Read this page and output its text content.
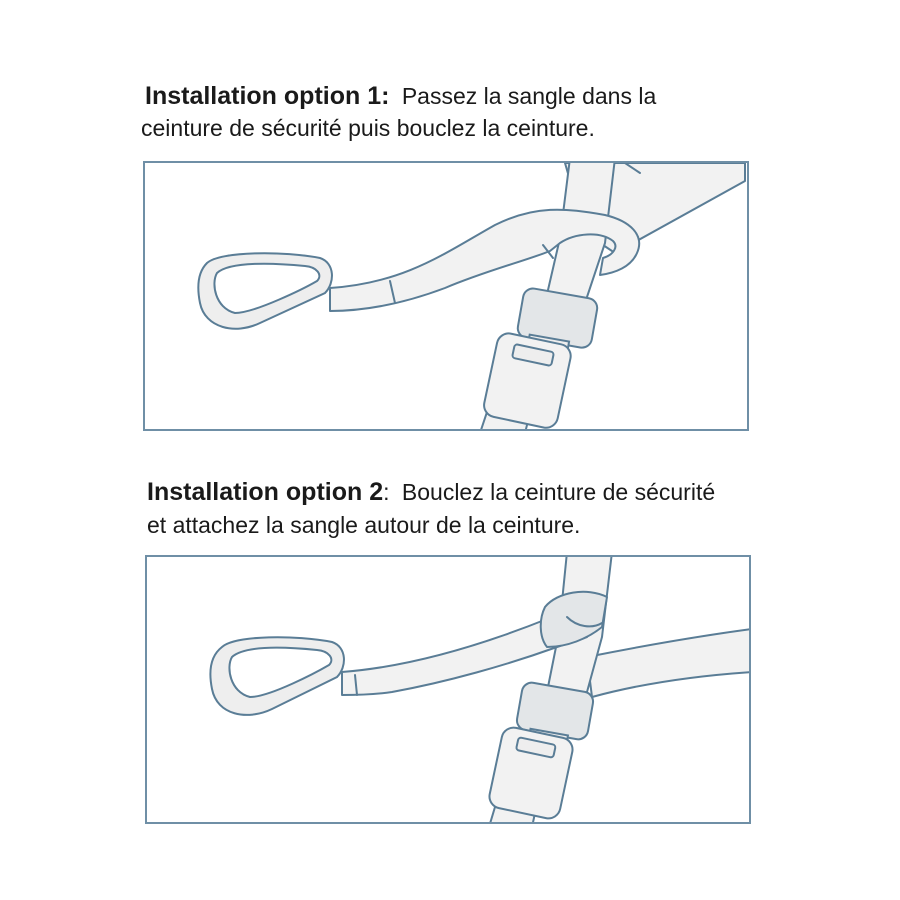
Installation option 1: Passez la sangle dans la
ceinture de sécurité puis bouclez la ceinture.
Installation option 2: Bouclez la ceinture de sécurité
et attachez la sangle autour de la ceinture.
